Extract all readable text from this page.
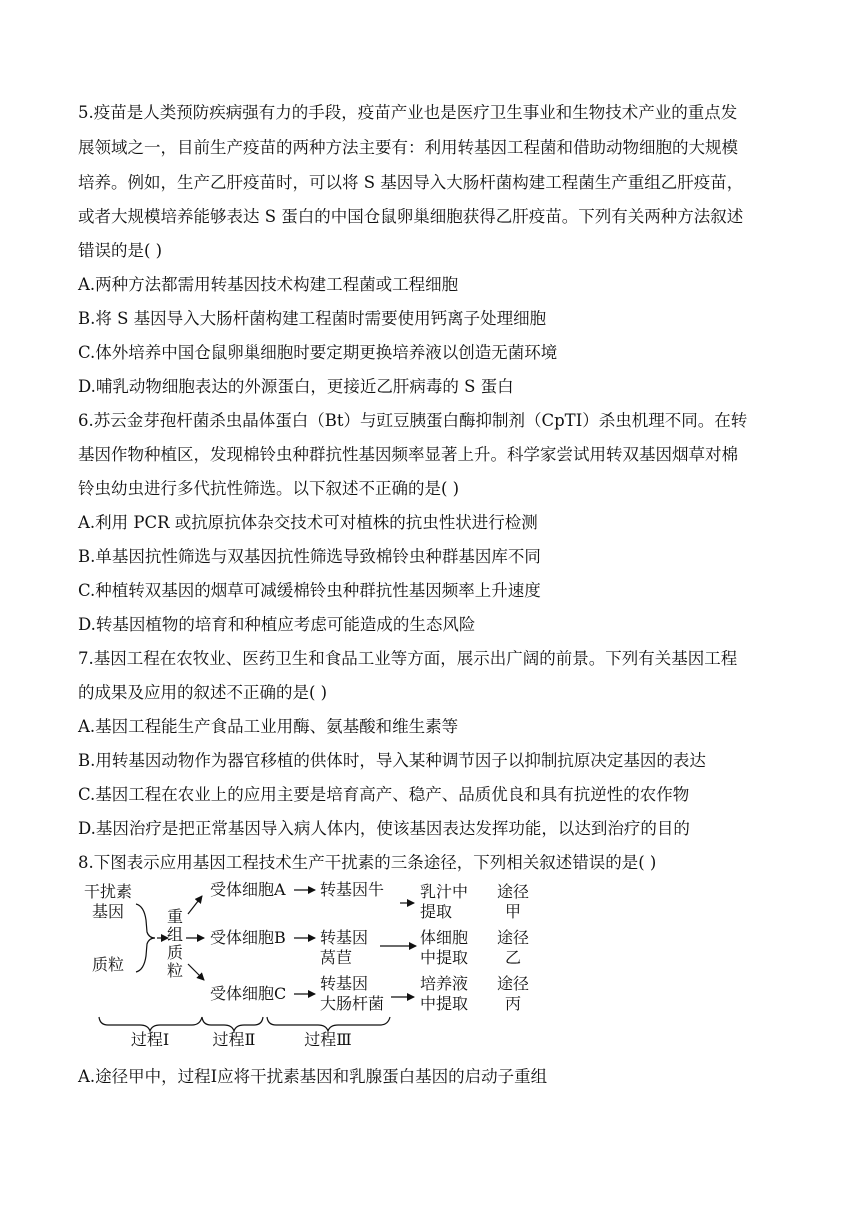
5.疫苗是人类预防疾病强有力的手段，疫苗产业也是医疗卫生事业和生物技术产业的重点发
展领域之一，目前生产疫苗的两种方法主要有：利用转基因工程菌和借助动物细胞的大规模
培养。例如，生产乙肝疫苗时，可以将 S 基因导入大肠杆菌构建工程菌生产重组乙肝疫苗，
或者大规模培养能够表达 S 蛋白的中国仓鼠卵巢细胞获得乙肝疫苗。下列有关两种方法叙述
错误的是( )
A.两种方法都需用转基因技术构建工程菌或工程细胞
B.将 S 基因导入大肠杆菌构建工程菌时需要使用钙离子处理细胞
C.体外培养中国仓鼠卵巢细胞时要定期更换培养液以创造无菌环境
D.哺乳动物细胞表达的外源蛋白，更接近乙肝病毒的 S 蛋白
6.苏云金芽孢杆菌杀虫晶体蛋白（Bt）与豇豆胰蛋白酶抑制剂（CpTⅠ）杀虫机理不同。在转
基因作物种植区，发现棉铃虫种群抗性基因频率显著上升。科学家尝试用转双基因烟草对棉
铃虫幼虫进行多代抗性筛选。以下叙述不正确的是( )
A.利用 PCR 或抗原抗体杂交技术可对植株的抗虫性状进行检测
B.单基因抗性筛选与双基因抗性筛选导致棉铃虫种群基因库不同
C.种植转双基因的烟草可减缓棉铃虫种群抗性基因频率上升速度
D.转基因植物的培育和种植应考虑可能造成的生态风险
7.基因工程在农牧业、医药卫生和食品工业等方面，展示出广阔的前景。下列有关基因工程
的成果及应用的叙述不正确的是( )
A.基因工程能生产食品工业用酶、氨基酸和维生素等
B.用转基因动物作为器官移植的供体时，导入某种调节因子以抑制抗原决定基因的表达
C.基因工程在农业上的应用主要是培育高产、稳产、品质优良和具有抗逆性的农作物
D.基因治疗是把正常基因导入病人体内，使该基因表达发挥功能，以达到治疗的目的
8.下图表示应用基因工程技术生产干扰素的三条途径，下列相关叙述错误的是( )
干扰素
基因
质粒
重
组
质
粒
受体细胞A
受体细胞B
受体细胞C
转基因牛
转基因
莴苣
转基因
大肠杆菌
乳汁中
提取
体细胞
中提取
培养液
中提取
途径
甲
途径
乙
途径
丙
过程Ⅰ	过程Ⅱ	过程Ⅲ
A.途径甲中，过程Ⅰ应将干扰素基因和乳腺蛋白基因的启动子重组
